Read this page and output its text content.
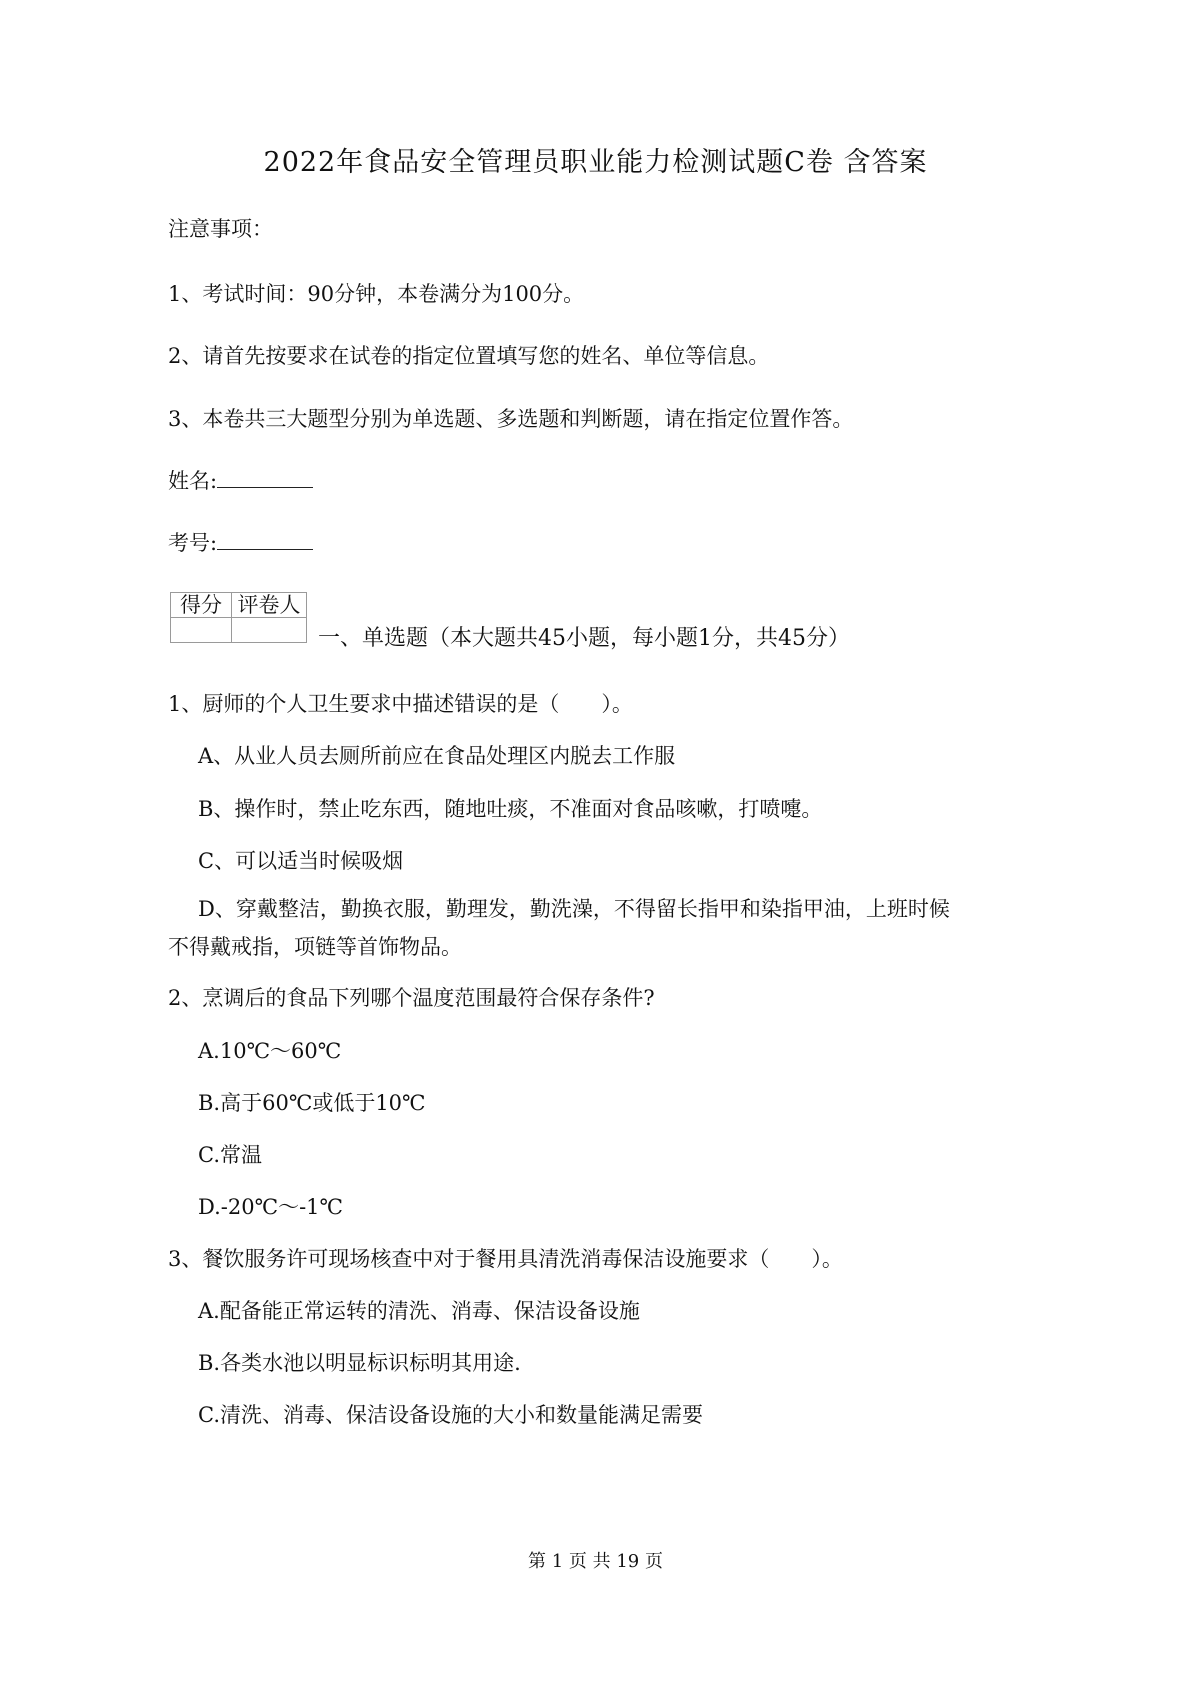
2022年食品安全管理员职业能力检测试题C卷 含答案
注意事项：
1、考试时间：90分钟，本卷满分为100分。
2、请首先按要求在试卷的指定位置填写您的姓名、单位等信息。
3、本卷共三大题型分别为单选题、多选题和判断题，请在指定位置作答。
姓名:
考号:
得分	评卷人

一、单选题（本大题共45小题，每小题1分，共45分）
1、厨师的个人卫生要求中描述错误的是（　　）。
A、从业人员去厕所前应在食品处理区内脱去工作服
B、操作时，禁止吃东西，随地吐痰，不准面对食品咳嗽，打喷嚏。
C、可以适当时候吸烟
D、穿戴整洁，勤换衣服，勤理发，勤洗澡，不得留长指甲和染指甲油，上班时候不得戴戒指，项链等首饰物品。
2、烹调后的食品下列哪个温度范围最符合保存条件?
A.10℃～60℃
B.高于60℃或低于10℃
C.常温
D.-20℃～-1℃
3、餐饮服务许可现场核查中对于餐用具清洗消毒保洁设施要求（　　）。
A.配备能正常运转的清洗、消毒、保洁设备设施
B.各类水池以明显标识标明其用途.
C.清洗、消毒、保洁设备设施的大小和数量能满足需要
第 1 页 共 19 页
